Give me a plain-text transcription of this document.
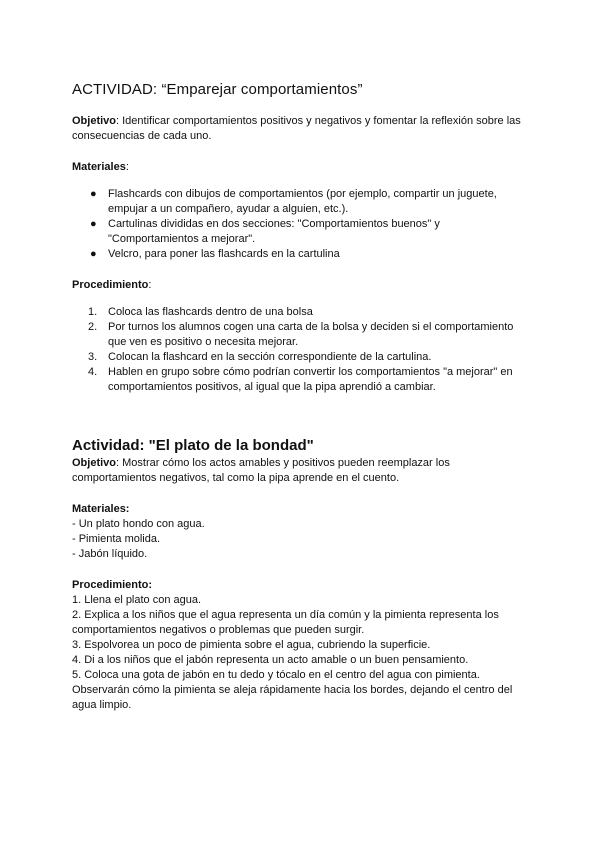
ACTIVIDAD: “Emparejar comportamientos”

Objetivo: Identificar comportamientos positivos y negativos y fomentar la reflexión sobre las consecuencias de cada uno.

Materiales:

● Flashcards con dibujos de comportamientos (por ejemplo, compartir un juguete, empujar a un compañero, ayudar a alguien, etc.).
● Cartulinas divididas en dos secciones: "Comportamientos buenos" y "Comportamientos a mejorar".
● Velcro, para poner las flashcards en la cartulina

Procedimiento:

1. Coloca las flashcards dentro de una bolsa
2. Por turnos los alumnos cogen una carta de la bolsa y deciden si el comportamiento que ven es positivo o necesita mejorar.
3. Colocan la flashcard en la sección correspondiente de la cartulina.
4. Hablen en grupo sobre cómo podrían convertir los comportamientos "a mejorar" en comportamientos positivos, al igual que la pipa aprendió a cambiar.
Actividad: "El plato de la bondad"

Objetivo: Mostrar cómo los actos amables y positivos pueden reemplazar los comportamientos negativos, tal como la pipa aprende en el cuento.

Materiales:

- Un plato hondo con agua.

- Pimienta molida.

- Jabón líquido.

Procedimiento:

1. Llena el plato con agua.

2. Explica a los niños que el agua representa un día común y la pimienta representa los comportamientos negativos o problemas que pueden surgir.

3. Espolvorea un poco de pimienta sobre el agua, cubriendo la superficie.

4. Di a los niños que el jabón representa un acto amable o un buen pensamiento.

5. Coloca una gota de jabón en tu dedo y tócalo en el centro del agua con pimienta. Observarán cómo la pimienta se aleja rápidamente hacia los bordes, dejando el centro del agua limpio.
